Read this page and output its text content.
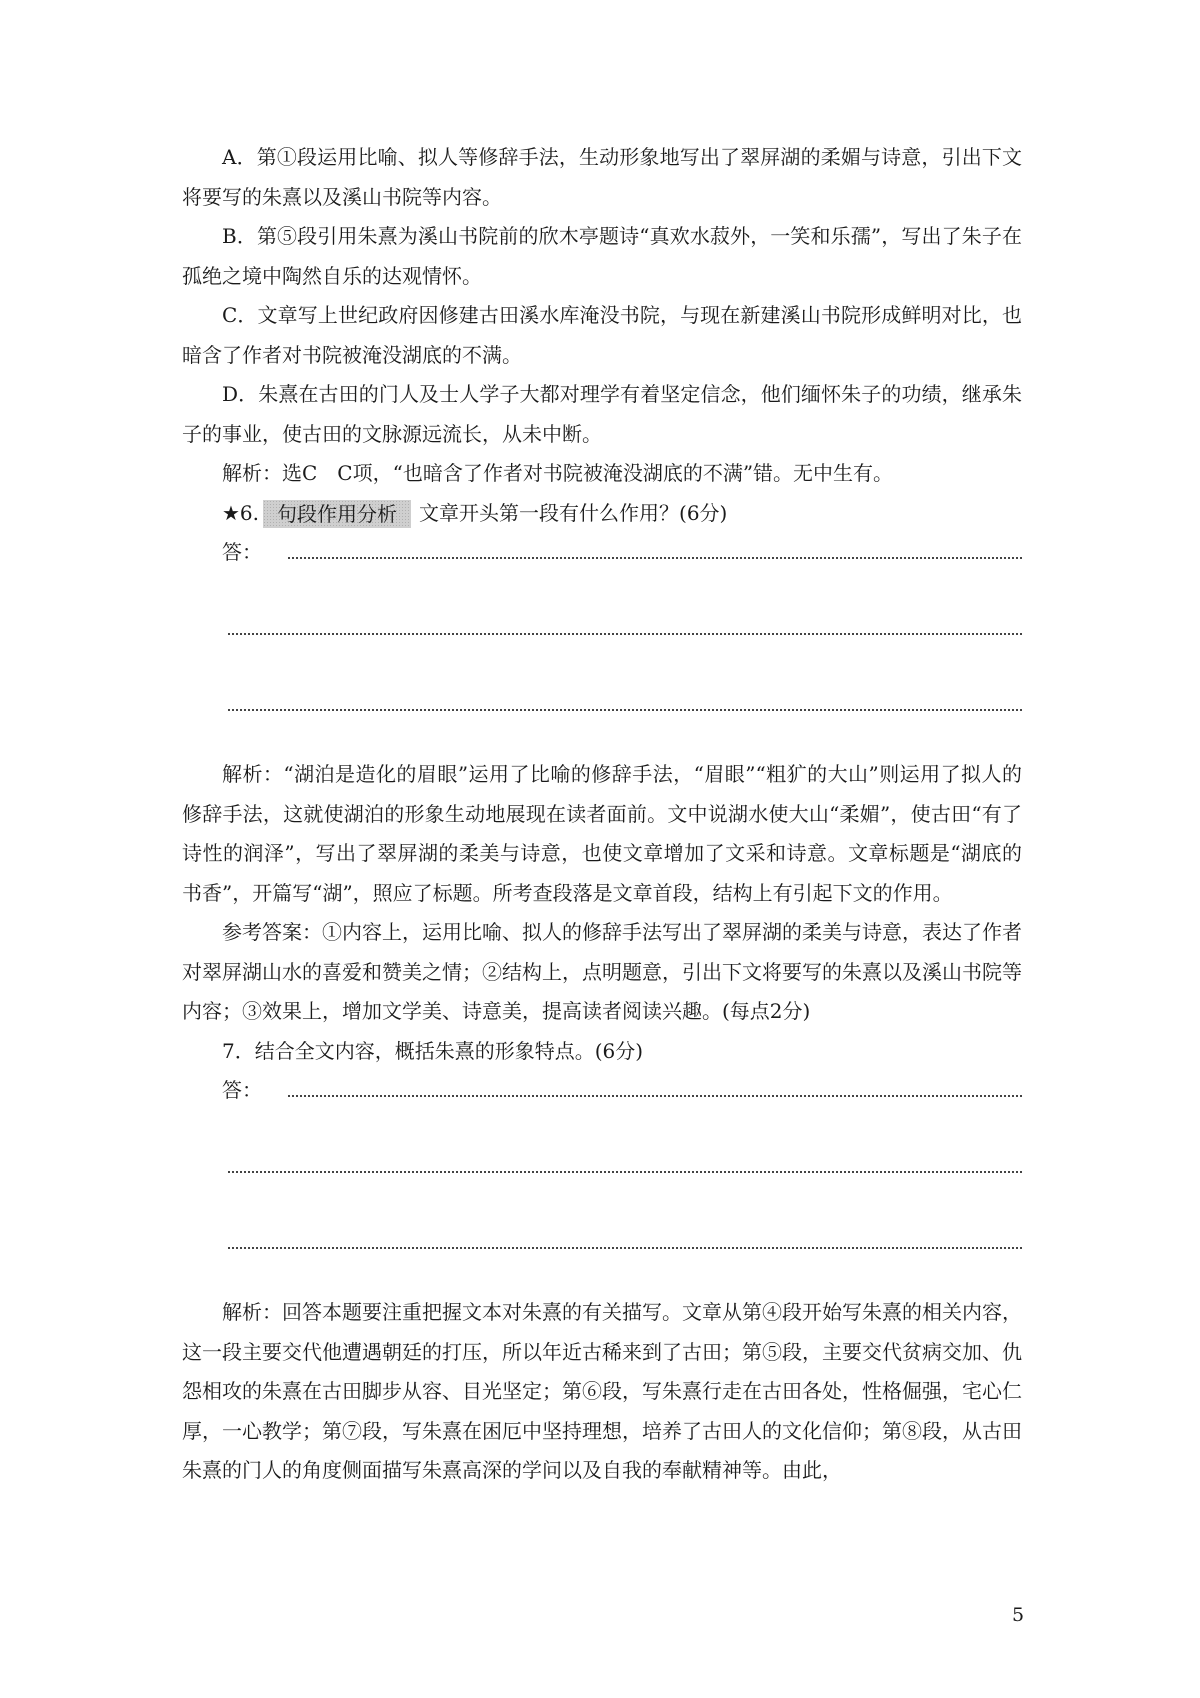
A．第①段运用比喻、拟人等修辞手法，生动形象地写出了翠屏湖的柔媚与诗意，引出下文将要写的朱熹以及溪山书院等内容。

B．第⑤段引用朱熹为溪山书院前的欣木亭题诗“真欢水菽外，一笑和乐孺”，写出了朱子在孤绝之境中陶然自乐的达观情怀。

C．文章写上世纪政府因修建古田溪水库淹没书院，与现在新建溪山书院形成鲜明对比，也暗含了作者对书院被淹没湖底的不满。

D．朱熹在古田的门人及士人学子大都对理学有着坚定信念，他们缅怀朱子的功绩，继承朱子的事业，使古田的文脉源远流长，从未中断。

解析：选C　C项，“也暗含了作者对书院被淹没湖底的不满”错。无中生有。

★6. 句段作用分析 文章开头第一段有什么作用？(6分)

答：

解析：“湖泊是造化的眉眼”运用了比喻的修辞手法，“眉眼”“粗犷的大山”则运用了拟人的修辞手法，这就使湖泊的形象生动地展现在读者面前。文中说湖水使大山“柔媚”，使古田“有了诗性的润泽”，写出了翠屏湖的柔美与诗意，也使文章增加了文采和诗意。文章标题是“湖底的书香”，开篇写“湖”，照应了标题。所考查段落是文章首段，结构上有引起下文的作用。

参考答案：①内容上，运用比喻、拟人的修辞手法写出了翠屏湖的柔美与诗意，表达了作者对翠屏湖山水的喜爱和赞美之情；②结构上，点明题意，引出下文将要写的朱熹以及溪山书院等内容；③效果上，增加文学美、诗意美，提高读者阅读兴趣。(每点2分)

7．结合全文内容，概括朱熹的形象特点。(6分)

答：

解析：回答本题要注重把握文本对朱熹的有关描写。文章从第④段开始写朱熹的相关内容，这一段主要交代他遭遇朝廷的打压，所以年近古稀来到了古田；第⑤段，主要交代贫病交加、仇怨相攻的朱熹在古田脚步从容、目光坚定；第⑥段，写朱熹行走在古田各处，性格倔强，宅心仁厚，一心教学；第⑦段，写朱熹在困厄中坚持理想，培养了古田人的文化信仰；第⑧段，从古田朱熹的门人的角度侧面描写朱熹高深的学问以及自我的奉献精神等。由此，

5
